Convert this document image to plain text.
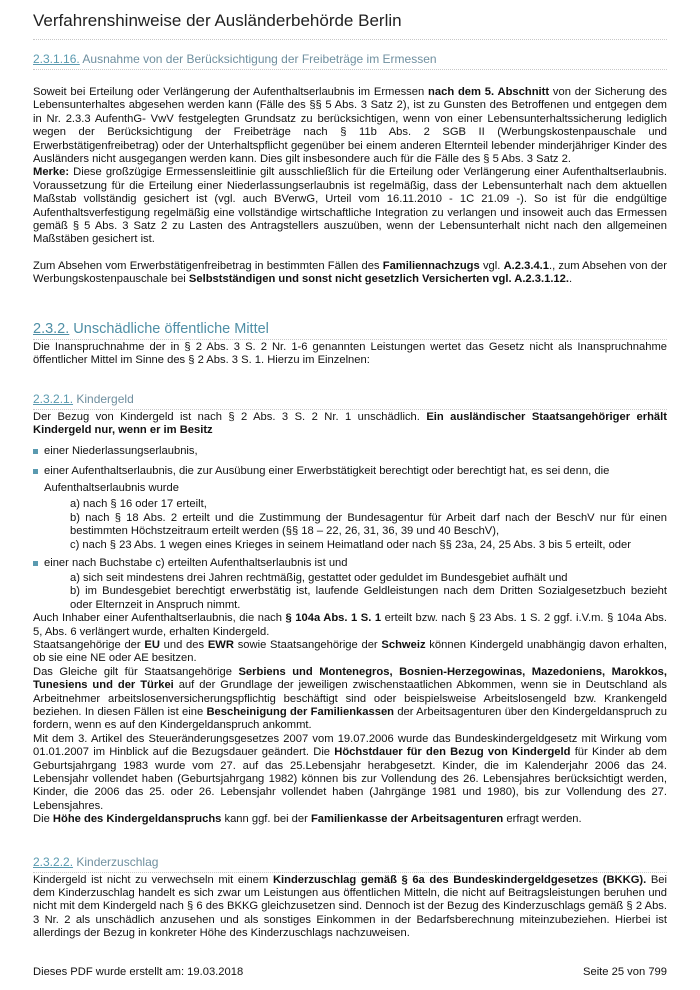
Verfahrenshinweise der Ausländerbehörde Berlin
2.3.1.16. Ausnahme von der Berücksichtigung der Freibeträge im Ermessen

Soweit bei Erteilung oder Verlängerung der Aufenthaltserlaubnis im Ermessen nach dem 5. Abschnitt von der Sicherung des Lebensunterhaltes abgesehen werden kann (Fälle des §§ 5 Abs. 3 Satz 2), ist zu Gunsten des Betroffenen und entgegen dem in Nr. 2.3.3 AufenthG- VwV festgelegten Grundsatz zu berücksichtigen, wenn von einer Lebensunterhaltssicherung lediglich wegen der Berücksichtigung der Freibeträge nach § 11b Abs. 2 SGB II (Werbungskostenpauschale und Erwerbstätigenfreibetrag) oder der Unterhaltspflicht gegenüber bei einem anderen Elternteil lebender minderjähriger Kinder des Ausländers nicht ausgegangen werden kann. Dies gilt insbesondere auch für die Fälle des § 5 Abs. 3 Satz 2.
Merke: Diese großzügige Ermessensleitlinie gilt ausschließlich für die Erteilung oder Verlängerung einer Aufenthaltserlaubnis. Voraussetzung für die Erteilung einer Niederlassungserlaubnis ist regelmäßig, dass der Lebensunterhalt nach dem aktuellen Maßstab vollständig gesichert ist (vgl. auch BVerwG, Urteil vom 16.11.2010 - 1C 21.09 -). So ist für die endgültige Aufenthaltsverfestigung regelmäßig eine vollständige wirtschaftliche Integration zu verlangen und insoweit auch das Ermessen gemäß § 5 Abs. 3 Satz 2 zu Lasten des Antragstellers auszuüben, wenn der Lebensunterhalt nicht nach den allgemeinen Maßstäben gesichert ist.

Zum Absehen vom Erwerbstätigenfreibetrag in bestimmten Fällen des Familiennachzugs vgl. A.2.3.4.1., zum Absehen von der Werbungskostenpauschale bei Selbstständigen und sonst nicht gesetzlich Versicherten vgl. A.2.3.1.12..

2.3.2. Unschädliche öffentliche Mittel

Die Inanspruchnahme der in § 2 Abs. 3 S. 2 Nr. 1-6 genannten Leistungen wertet das Gesetz nicht als Inanspruchnahme öffentlicher Mittel im Sinne des § 2 Abs. 3 S. 1. Hierzu im Einzelnen:

2.3.2.1. Kindergeld

Der Bezug von Kindergeld ist nach § 2 Abs. 3 S. 2 Nr. 1 unschädlich. Ein ausländischer Staatsangehöriger erhält Kindergeld nur, wenn er im Besitz

einer Niederlassungserlaubnis,
einer Aufenthaltserlaubnis, die zur Ausübung einer Erwerbstätigkeit berechtigt oder berechtigt hat, es sei denn, die Aufenthaltserlaubnis wurde

a) nach § 16 oder 17 erteilt,

b) nach § 18 Abs. 2 erteilt und die Zustimmung der Bundesagentur für Arbeit darf nach der BeschV nur für einen bestimmten Höchstzeitraum erteilt werden (§§ 18 – 22, 26, 31, 36, 39 und 40 BeschV),

c) nach § 23 Abs. 1 wegen eines Krieges in seinem Heimatland oder nach §§ 23a, 24, 25 Abs. 3 bis 5 erteilt, oder

einer nach Buchstabe c) erteilten Aufenthaltserlaubnis ist und

a) sich seit mindestens drei Jahren rechtmäßig, gestattet oder geduldet im Bundesgebiet aufhält und

b) im Bundesgebiet berechtigt erwerbstätig ist, laufende Geldleistungen nach dem Dritten Sozialgesetzbuch bezieht oder Elternzeit in Anspruch nimmt.

Auch Inhaber einer Aufenthaltserlaubnis, die nach § 104a Abs. 1 S. 1 erteilt bzw. nach § 23 Abs. 1 S. 2 ggf. i.V.m. § 104a Abs. 5, Abs. 6 verlängert wurde, erhalten Kindergeld.

Staatsangehörige der EU und des EWR sowie Staatsangehörige der Schweiz können Kindergeld unabhängig davon erhalten, ob sie eine NE oder AE besitzen.

Das Gleiche gilt für Staatsangehörige Serbiens und Montenegros, Bosnien-Herzegowinas, Mazedoniens, Marokkos, Tunesiens und der Türkei auf der Grundlage der jeweiligen zwischenstaatlichen Abkommen, wenn sie in Deutschland als Arbeitnehmer arbeitslosenversicherungspflichtig beschäftigt sind oder beispielsweise Arbeitslosengeld bzw. Krankengeld beziehen. In diesen Fällen ist eine Bescheinigung der Familienkassen der Arbeitsagenturen über den Kindergeldanspruch zu fordern, wenn es auf den Kindergeldanspruch ankommt.

Mit dem 3. Artikel des Steueränderungsgesetzes 2007 vom 19.07.2006 wurde das Bundeskindergeldgesetz mit Wirkung vom 01.01.2007 im Hinblick auf die Bezugsdauer geändert. Die Höchstdauer für den Bezug von Kindergeld für Kinder ab dem Geburtsjahrgang 1983 wurde vom 27. auf das 25.Lebensjahr herabgesetzt. Kinder, die im Kalenderjahr 2006 das 24. Lebensjahr vollendet haben (Geburtsjahrgang 1982) können bis zur Vollendung des 26. Lebensjahres berücksichtigt werden, Kinder, die 2006 das 25. oder 26. Lebensjahr vollendet haben (Jahrgänge 1981 und 1980), bis zur Vollendung des 27. Lebensjahres.

Die Höhe des Kindergeldanspruchs kann ggf. bei der Familienkasse der Arbeitsagenturen erfragt werden.

2.3.2.2. Kinderzuschlag

Kindergeld ist nicht zu verwechseln mit einem Kinderzuschlag gemäß § 6a des Bundeskindergeldgesetzes (BKKG). Bei dem Kinderzuschlag handelt es sich zwar um Leistungen aus öffentlichen Mitteln, die nicht auf Beitragsleistungen beruhen und nicht mit dem Kindergeld nach § 6 des BKKG gleichzusetzen sind. Dennoch ist der Bezug des Kinderzuschlags gemäß § 2 Abs. 3 Nr. 2 als unschädlich anzusehen und als sonstiges Einkommen in der Bedarfsberechnung miteinzubeziehen. Hierbei ist allerdings der Bezug in konkreter Höhe des Kinderzuschlags nachzuweisen.

Dieses PDF wurde erstellt am: 19.03.2018	Seite 25 von 799
